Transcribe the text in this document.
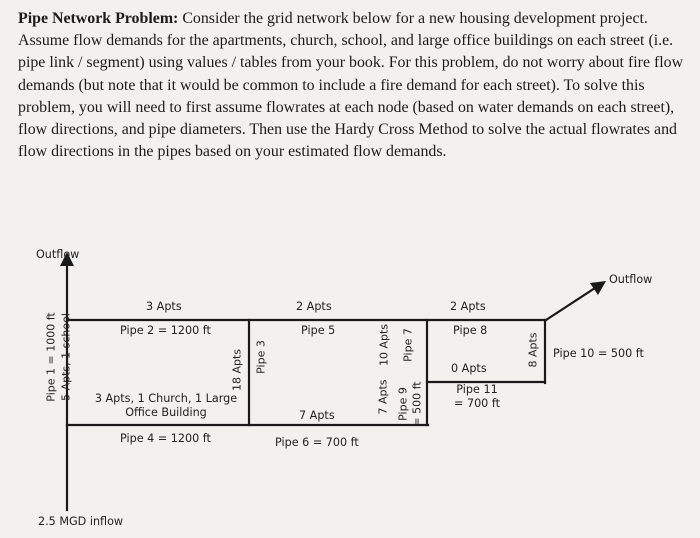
Pipe Network Problem: Consider the grid network below for a new housing development project. Assume flow demands for the apartments, church, school, and large office buildings on each street (i.e. pipe link / segment) using values / tables from your book. For this problem, do not worry about fire flow demands (but note that it would be common to include a fire demand for each street). To solve this problem, you will need to first assume flowrates at each node (based on water demands on each street), flow directions, and pipe diameters. Then use the Hardy Cross Method to solve the actual flowrates and flow directions in the pipes based on your estimated flow demands.
Outflow
Outflow
2.5 MGD inflow
Pipe 1 = 1000 ft 5 Apts, 1 school
3 Apts
Pipe 2 = 1200 ft
18 Apts Pipe 3
3 Apts, 1 Church, 1 Large
Office Building
Pipe 4 = 1200 ft
2 Apts
Pipe 5
7 Apts
Pipe 6 = 700 ft
10 Apts Pipe 7
7 Apts Pipe 9 = 500 ft
2 Apts
Pipe 8
8 Apts Pipe 10 = 500 ft
0 Apts
Pipe 11
= 700 ft
